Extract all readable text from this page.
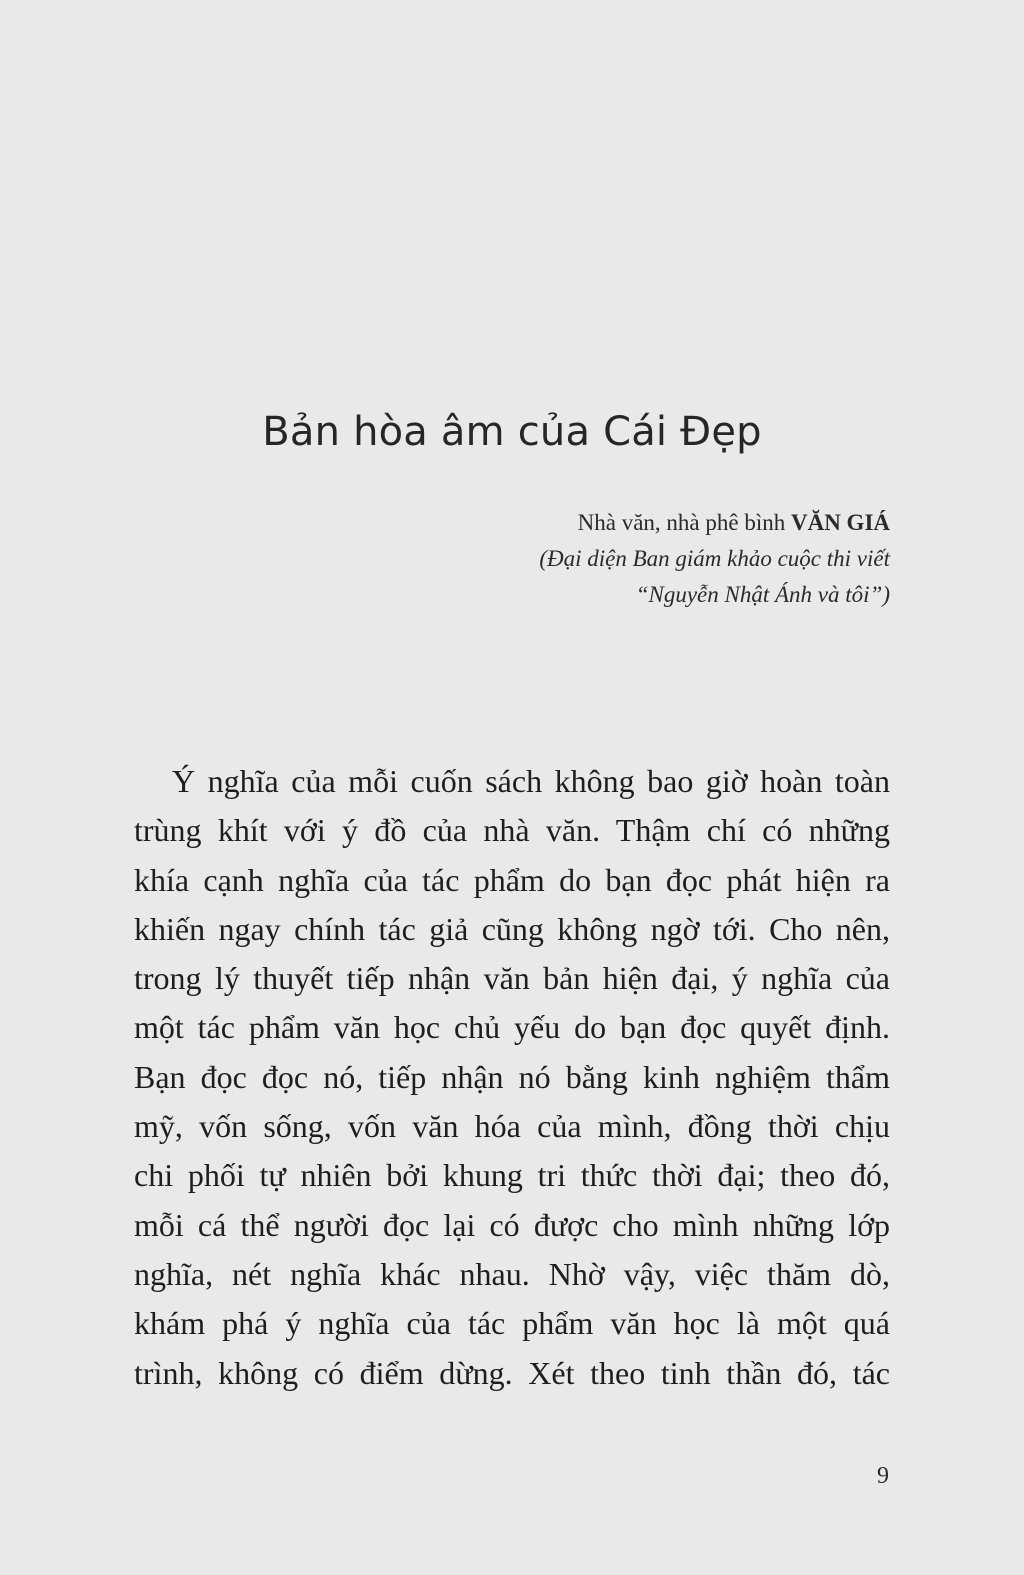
Bản hòa âm của Cái Đẹp
Nhà văn, nhà phê bình VĂN GIÁ
(Đại diện Ban giám khảo cuộc thi viết
“Nguyễn Nhật Ánh và tôi”)
Ý nghĩa của mỗi cuốn sách không bao giờ hoàn toàn
trùng khít với ý đồ của nhà văn. Thậm chí có những
khía cạnh nghĩa của tác phẩm do bạn đọc phát hiện ra
khiến ngay chính tác giả cũng không ngờ tới. Cho nên,
trong lý thuyết tiếp nhận văn bản hiện đại, ý nghĩa của
một tác phẩm văn học chủ yếu do bạn đọc quyết định.
Bạn đọc đọc nó, tiếp nhận nó bằng kinh nghiệm thẩm
mỹ, vốn sống, vốn văn hóa của mình, đồng thời chịu
chi phối tự nhiên bởi khung tri thức thời đại; theo đó,
mỗi cá thể người đọc lại có được cho mình những lớp
nghĩa, nét nghĩa khác nhau. Nhờ vậy, việc thăm dò,
khám phá ý nghĩa của tác phẩm văn học là một quá
trình, không có điểm dừng. Xét theo tinh thần đó, tác
9
